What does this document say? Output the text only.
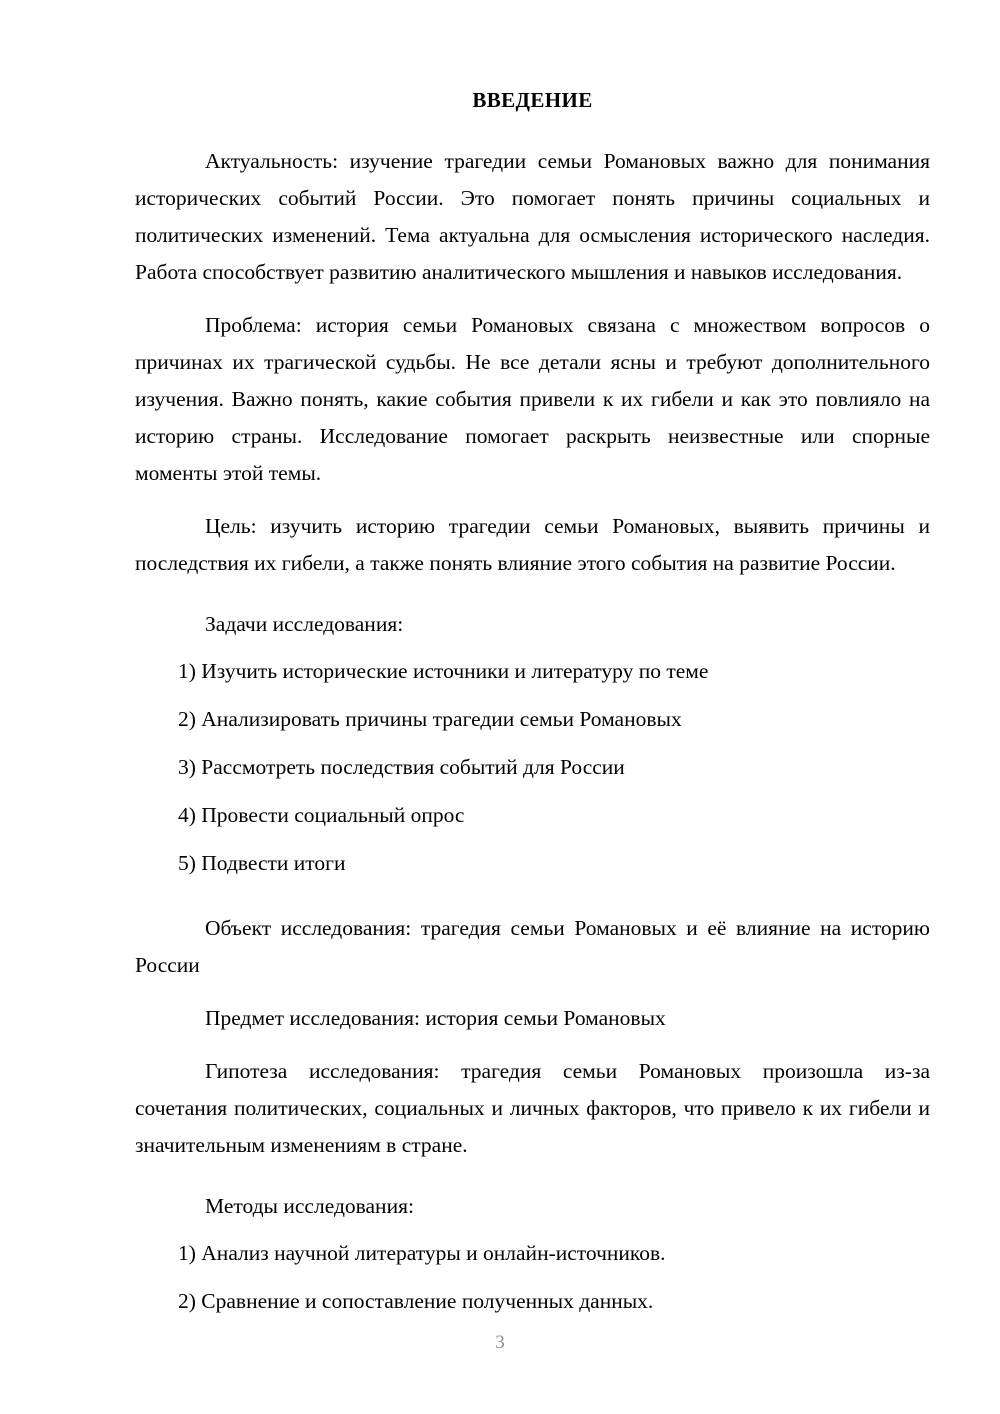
ВВЕДЕНИЕ

Актуальность: изучение трагедии семьи Романовых важно для понимания исторических событий России. Это помогает понять причины социальных и политических изменений. Тема актуальна для осмысления исторического наследия. Работа способствует развитию аналитического мышления и навыков исследования.

Проблема: история семьи Романовых связана с множеством вопросов о причинах их трагической судьбы. Не все детали ясны и требуют дополнительного изучения. Важно понять, какие события привели к их гибели и как это повлияло на историю страны. Исследование помогает раскрыть неизвестные или спорные моменты этой темы.

Цель: изучить историю трагедии семьи Романовых, выявить причины и последствия их гибели, а также понять влияние этого события на развитие России.

Задачи исследования:

1) Изучить исторические источники и литературу по теме
2) Анализировать причины трагедии семьи Романовых
3) Рассмотреть последствия событий для России
4) Провести социальный опрос
5) Подвести итоги

Объект исследования: трагедия семьи Романовых и её влияние на историю России

Предмет исследования: история семьи Романовых

Гипотеза исследования: трагедия семьи Романовых произошла из-за сочетания политических, социальных и личных факторов, что привело к их гибели и значительным изменениям в стране.

Методы исследования:

1) Анализ научной литературы и онлайн-источников.
2) Сравнение и сопоставление полученных данных.
3
